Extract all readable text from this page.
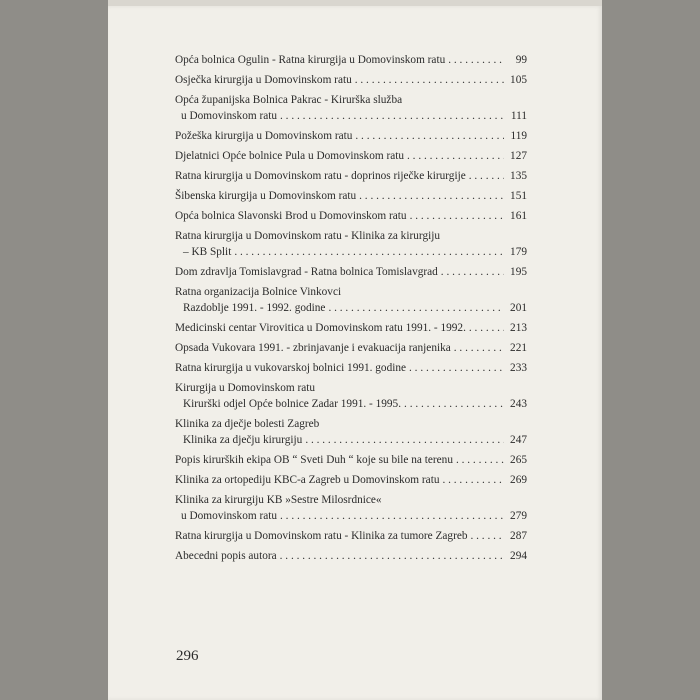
Opća bolnica Ogulin - Ratna kirurgija u Domovinskom ratu . . .	99
Osječka kirurgija u Domovinskom ratu . . .	105
Opća županijska Bolnica Pakrac - Kirurška služba
u Domovinskom ratu . . .	111
Požeška kirurgija u Domovinskom ratu . . .	119
Djelatnici Opće bolnice Pula u Domovinskom ratu . . .	127
Ratna kirurgija u Domovinskom ratu - doprinos riječke kirurgije . . .	135
Šibenska kirurgija u Domovinskom ratu . . .	151
Opća bolnica Slavonski Brod u Domovinskom ratu . . .	161
Ratna kirurgija u Domovinskom ratu - Klinika za kirurgiju
– KB Split . . .	179
Dom zdravlja Tomislavgrad - Ratna bolnica Tomislavgrad . . .	195
Ratna organizacija Bolnice Vinkovci
Razdoblje 1991. - 1992. godine . . .	201
Medicinski centar Virovitica u Domovinskom ratu 1991. - 1992. . . .	213
Opsada Vukovara 1991. - zbrinjavanje i evakuacija ranjenika . . .	221
Ratna kirurgija u vukovarskoj bolnici 1991. godine . . .	233
Kirurgija u Domovinskom ratu
Kirurški odjel Opće bolnice Zadar 1991. - 1995. . . .	243
Klinika za dječje bolesti Zagreb
Klinika za dječju kirurgiju . . .	247
Popis kirurških ekipa OB “ Sveti Duh “ koje su bile na terenu . . .	265
Klinika za ortopediju KBC-a Zagreb u Domovinskom ratu . . .	269
Klinika za kirurgiju KB »Sestre Milosrdnice«
u Domovinskom ratu . . .	279
Ratna kirurgija u Domovinskom ratu - Klinika za tumore Zagreb . . .	287
Abecedni popis autora . . .	294
296
